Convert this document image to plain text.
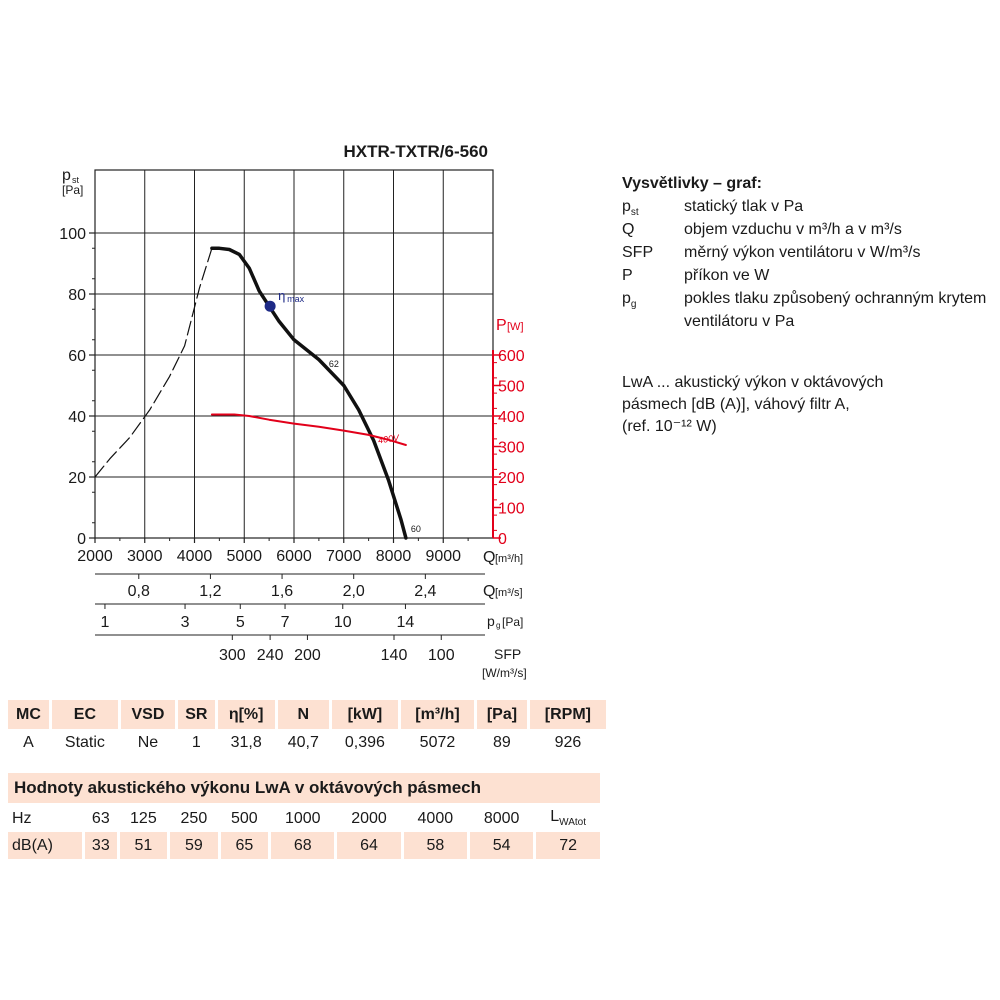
0
20
40
60
80
100
p st
[Pa]
0
100
200
300
400
500
600
P [W]
2000 3000 4000 5000 6000 7000 8000 9000 Q [m³/h]
η max
62
60
400V
0,8	1,2	1,6	2,0	2,4	Q [m³/s]
1	3	5 7	10	14	p g [Pa]
300 240 200	140 100	SFP
[W/m³/s]
HXTR-TXTR/6-560
Vysvětlivky – graf:
$p_{st}$	statický tlak v Pa
Q	objem vzduchu v m³/h a v m³/s
SFP měrný výkon ventilátoru v W/m³/s
P	příkon ve W
$p_g$	pokles tlaku způsobený ochranným krytem ventilátoru v Pa
LwA ... akustický výkon v oktávových
pásmech [dB (A)], váhový filtr A,
(ref. 10⁻¹² W)
MC	EC	VSD	SR	η[%]	N	[kW]	[m³/h]	[Pa]	[RPM]
A	Static	Ne	1	31,8	40,7	0,396	5072	89	926
Hodnoty akustického výkonu LwA v oktávových pásmech
Hz	63	125	250	500	1000	2000	4000	8000	$L_{WAtot}$
dB(A)	33	51	59	65	68	64	58	54	72
